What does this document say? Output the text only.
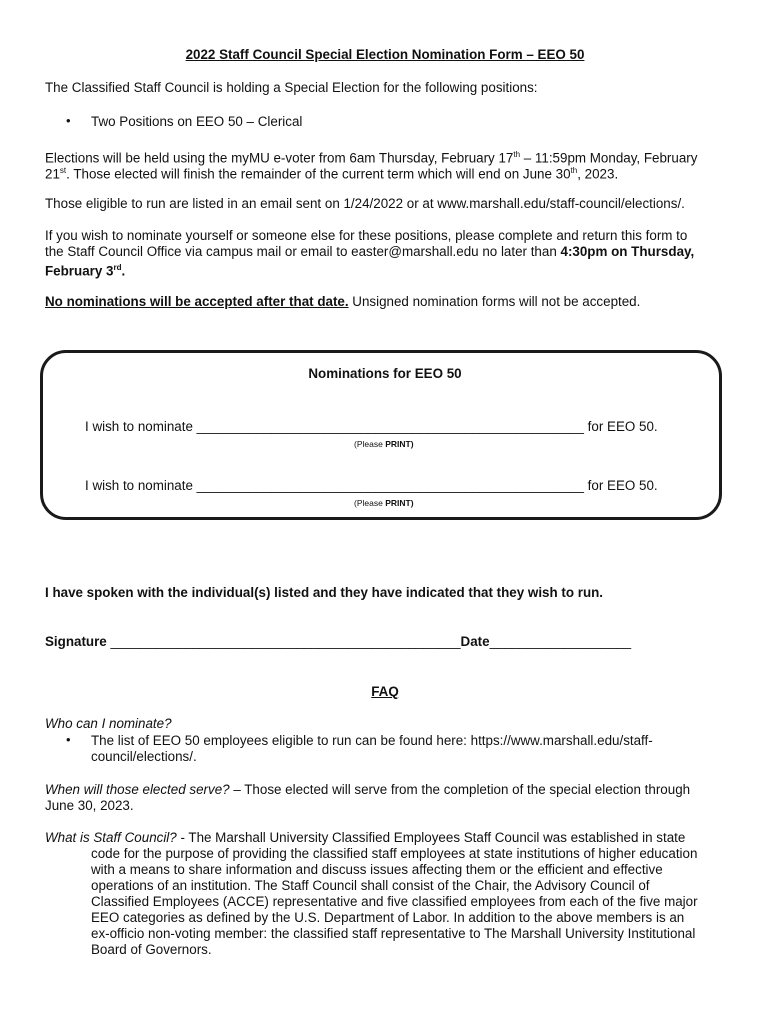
2022 Staff Council Special Election Nomination Form – EEO 50
The Classified Staff Council is holding a Special Election for the following positions:
• Two Positions on EEO 50 – Clerical
Elections will be held using the myMU e-voter from 6am Thursday, February 17th – 11:59pm Monday, February
21st. Those elected will finish the remainder of the current term which will end on June 30th, 2023.
Those eligible to run are listed in an email sent on 1/24/2022 or at www.marshall.edu/staff-council/elections/.
If you wish to nominate yourself or someone else for these positions, please complete and return this form to
the Staff Council Office via campus mail or email to easter@marshall.edu no later than 4:30pm on Thursday,
February 3rd.
No nominations will be accepted after that date. Unsigned nomination forms will not be accepted.
Nominations for EEO 50
I wish to nominate ____________________________________________________ for EEO 50.
(Please PRINT)
I wish to nominate ____________________________________________________ for EEO 50.
(Please PRINT)
I have spoken with the individual(s) listed and they have indicated that they wish to run.
Signature _______________________________________________Date___________________
FAQ
Who can I nominate?
• The list of EEO 50 employees eligible to run can be found here: https://www.marshall.edu/staff-
council/elections/.
When will those elected serve? – Those elected will serve from the completion of the special election through
June 30, 2023.
What is Staff Council? - The Marshall University Classified Employees Staff Council was established in state
code for the purpose of providing the classified staff employees at state institutions of higher education
with a means to share information and discuss issues affecting them or the efficient and effective
operations of an institution. The Staff Council shall consist of the Chair, the Advisory Council of
Classified Employees (ACCE) representative and five classified employees from each of the five major
EEO categories as defined by the U.S. Department of Labor. In addition to the above members is an
ex-officio non-voting member: the classified staff representative to The Marshall University Institutional
Board of Governors.
